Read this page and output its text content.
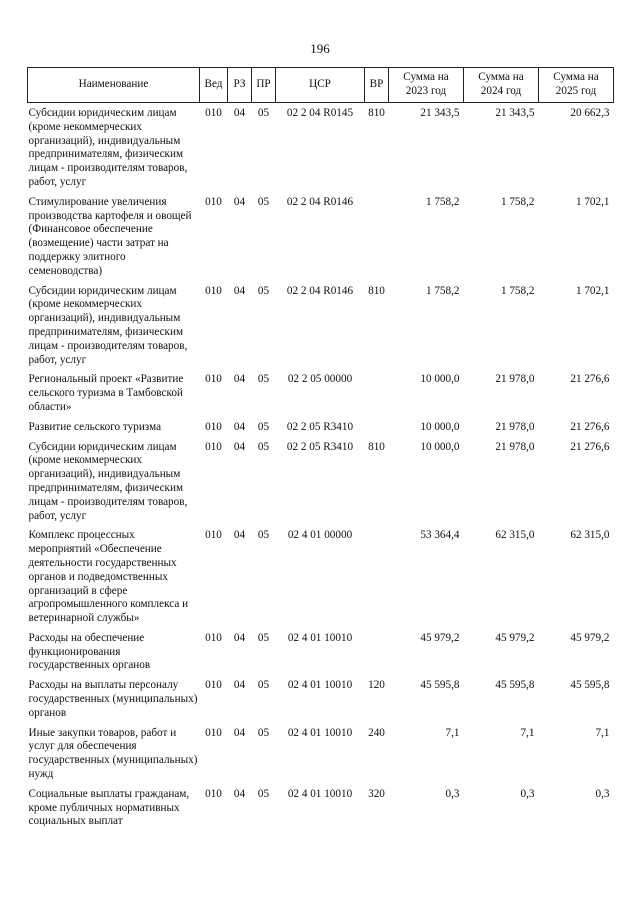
196
Наименование	Вед	РЗ	ПР	ЦСР	ВР	Сумма на 2023 год	Сумма на 2024 год	Сумма на 2025 год
Субсидии юридическим лицам (кроме некоммерческих организаций), индивидуальным предпринимателям, физическим лицам - производителям товаров, работ, услуг	010	04	05	02 2 04 R0145	810	21 343,5	21 343,5	20 662,3
Стимулирование увеличения производства картофеля и овощей (Финансовое обеспечение (возмещение) части затрат на поддержку элитного семеноводства)	010	04	05	02 2 04 R0146		1 758,2	1 758,2	1 702,1
Субсидии юридическим лицам (кроме некоммерческих организаций), индивидуальным предпринимателям, физическим лицам - производителям товаров, работ, услуг	010	04	05	02 2 04 R0146	810	1 758,2	1 758,2	1 702,1
Региональный проект «Развитие сельского туризма в Тамбовской области»	010	04	05	02 2 05 00000		10 000,0	21 978,0	21 276,6
Развитие сельского туризма	010	04	05	02 2 05 R3410		10 000,0	21 978,0	21 276,6
Субсидии юридическим лицам (кроме некоммерческих организаций), индивидуальным предпринимателям, физическим лицам - производителям товаров, работ, услуг	010	04	05	02 2 05 R3410	810	10 000,0	21 978,0	21 276,6
Комплекс процессных мероприятий «Обеспечение деятельности государственных органов и подведомственных организаций в сфере агропромышленного комплекса и ветеринарной службы»	010	04	05	02 4 01 00000		53 364,4	62 315,0	62 315,0
Расходы на обеспечение функционирования государственных органов	010	04	05	02 4 01 10010		45 979,2	45 979,2	45 979,2
Расходы на выплаты персоналу государственных (муниципальных) органов	010	04	05	02 4 01 10010	120	45 595,8	45 595,8	45 595,8
Иные закупки товаров, работ и услуг для обеспечения государственных (муниципальных) нужд	010	04	05	02 4 01 10010	240	7,1	7,1	7,1
Социальные выплаты гражданам, кроме публичных нормативных социальных выплат	010	04	05	02 4 01 10010	320	0,3	0,3	0,3
